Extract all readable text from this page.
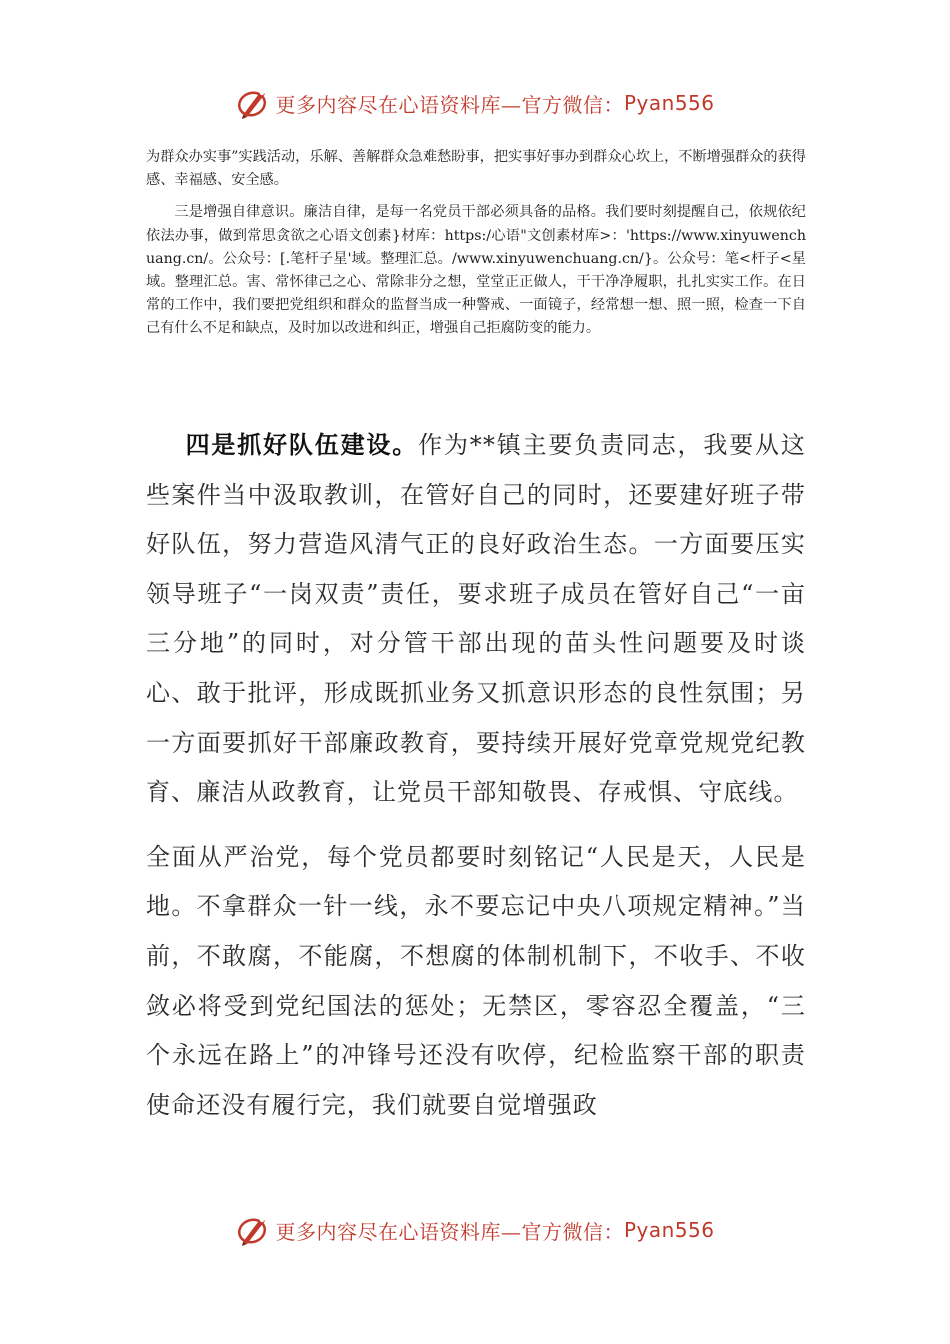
更多内容尽在心语资料库—官方微信： Pyan556

为群众办实事”实践活动，乐解、善解群众急难愁盼事，把实事好事办到群众心坎上，不断增强群众的获得感、幸福感、安全感。

三是增强自律意识。廉洁自律，是每一名党员干部必须具备的品格。我们要时刻提醒自己，依规依纪依法办事，做到常思贪欲之心语文创素}材库：https:/心语"文创素材库>：'https://www.xinyuwenchuang.cn/。公众号：[.笔杆子星'域。整理汇总。/www.xinyuwenchuang.cn/}。公众号：笔<杆子<星域。整理汇总。害、常怀律己之心、常除非分之想，堂堂正正做人，干干净净履职，扎扎实实工作。在日常的工作中，我们要把党组织和群众的监督当成一种警戒、一面镜子，经常想一想、照一照，检查一下自己有什么不足和缺点，及时加以改进和纠正，增强自己拒腐防变的能力。

四是抓好队伍建设。作为**镇主要负责同志，我要从这些案件当中汲取教训，在管好自己的同时，还要建好班子带好队伍，努力营造风清气正的良好政治生态。一方面要压实领导班子“一岗双责”责任，要求班子成员在管好自己“一亩三分地”的同时，对分管干部出现的苗头性问题要及时谈心、敢于批评，形成既抓业务又抓意识形态的良性氛围；另一方面要抓好干部廉政教育，要持续开展好党章党规党纪教育、廉洁从政教育，让党员干部知敬畏、存戒惧、守底线。

全面从严治党，每个党员都要时刻铭记“人民是天，人民是地。不拿群众一针一线，永不要忘记中央八项规定精神。”当前，不敢腐，不能腐，不想腐的体制机制下，不收手、不收敛必将受到党纪国法的惩处；无禁区，零容忍全覆盖，“三个永远在路上”的冲锋号还没有吹停，纪检监察干部的职责使命还没有履行完，我们就要自觉增强政

更多内容尽在心语资料库—官方微信： Pyan556
